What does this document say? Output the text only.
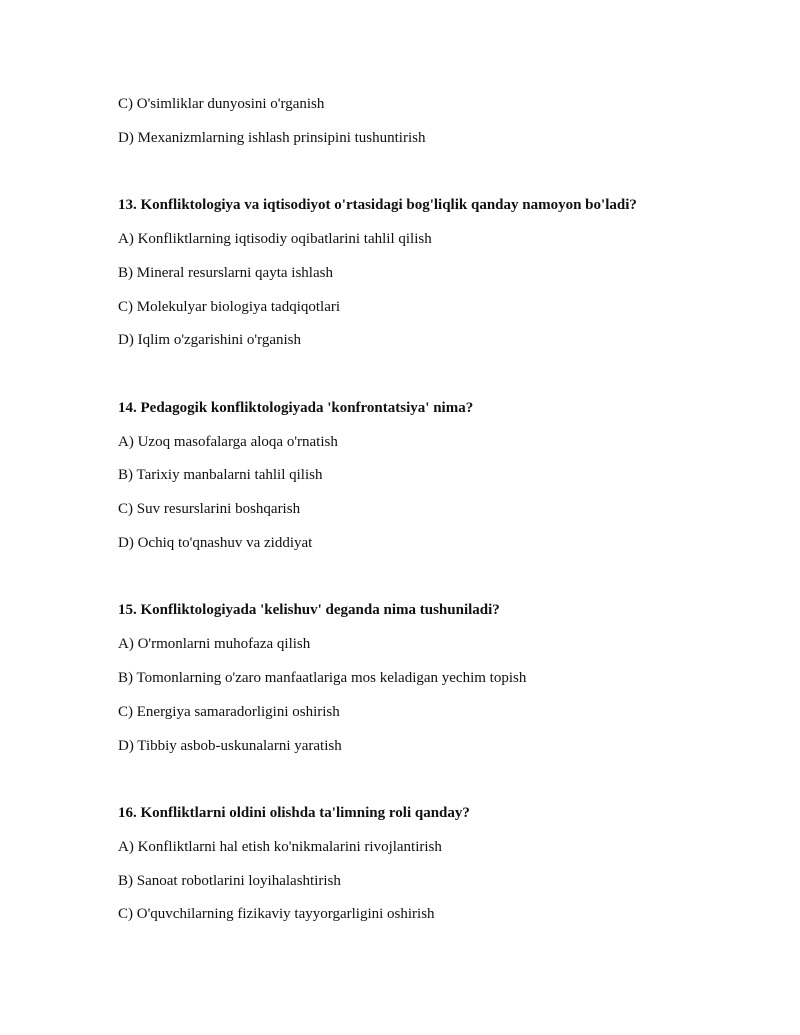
C) O'simliklar dunyosini o'rganish
D) Mexanizmlarning ishlash prinsipini tushuntirish
13. Konfliktologiya va iqtisodiyot o'rtasidagi bog'liqlik qanday namoyon bo'ladi?
A) Konfliktlarning iqtisodiy oqibatlarini tahlil qilish
B) Mineral resurslarni qayta ishlash
C) Molekulyar biologiya tadqiqotlari
D) Iqlim o'zgarishini o'rganish
14. Pedagogik konfliktologiyada 'konfrontatsiya' nima?
A) Uzoq masofalarga aloqa o'rnatish
B) Tarixiy manbalarni tahlil qilish
C) Suv resurslarini boshqarish
D) Ochiq to'qnashuv va ziddiyat
15. Konfliktologiyada 'kelishuv' deganda nima tushuniladi?
A) O'rmonlarni muhofaza qilish
B) Tomonlarning o'zaro manfaatlariga mos keladigan yechim topish
C) Energiya samaradorligini oshirish
D) Tibbiy asbob-uskunalarni yaratish
16. Konfliktlarni oldini olishda ta'limning roli qanday?
A) Konfliktlarni hal etish ko'nikmalarini rivojlantirish
B) Sanoat robotlarini loyihalashtirish
C) O'quvchilarning fizikaviy tayyorgarligini oshirish
